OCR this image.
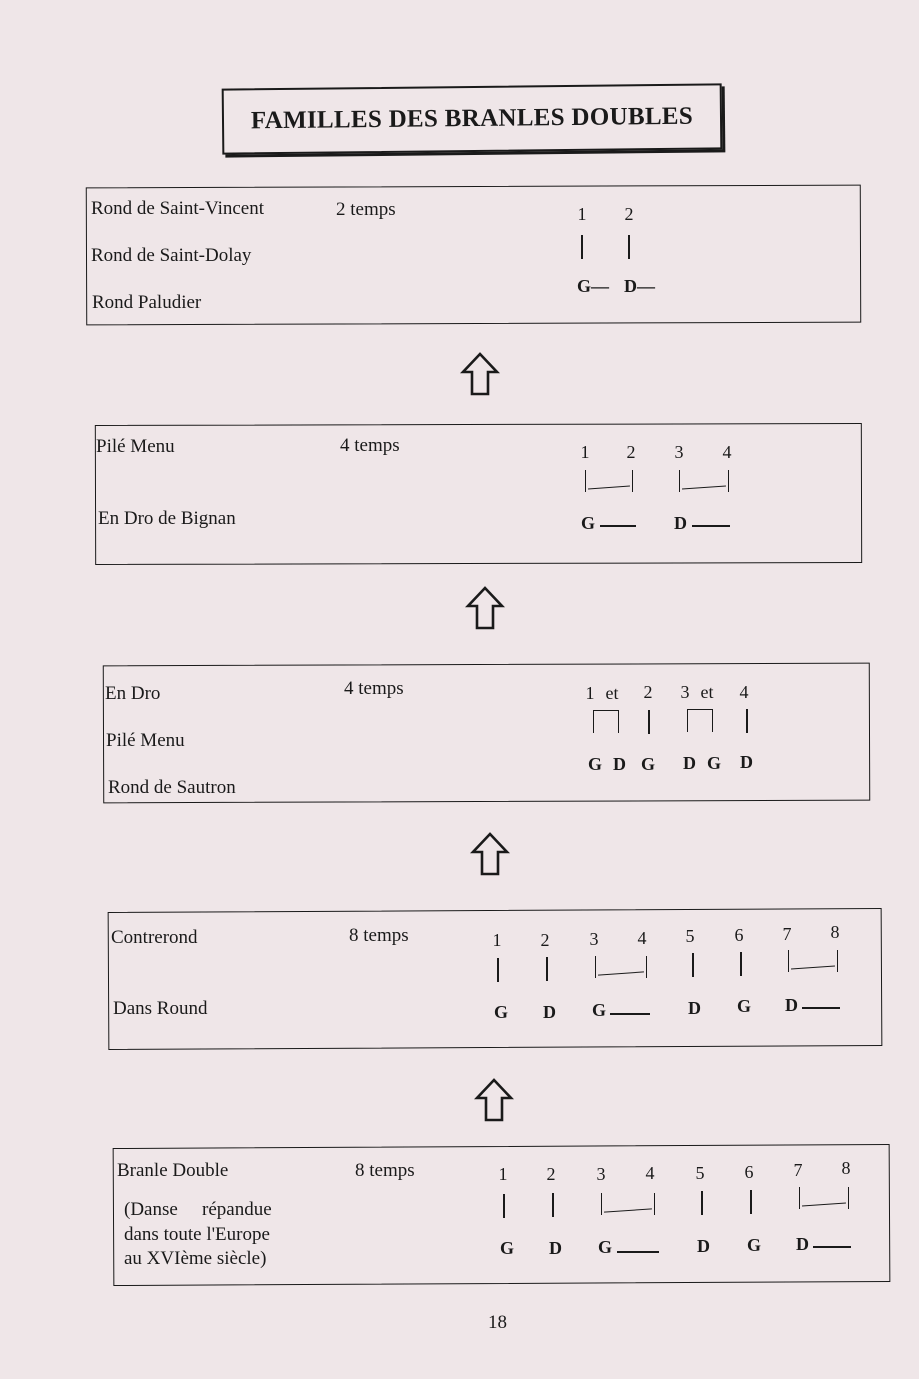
FAMILLES DES BRANLES DOUBLES
Rond de Saint-Vincent
Rond de Saint-Dolay
Rond Paludier
2 temps	1 2
G— D—
Pilé Menu
En Dro de Bignan
4 temps	1 2 3 4
G	D
En Dro
Pilé Menu
Rond de Sautron
4 temps	1 et 2 3 et 4
G D G D G D
Contrerond
Dans Round
8 temps	1 2 3 4 5 6 7 8
G D G	D G D
Branle Double
(Danse répandue
dans toute l'Europe
au XVIème siècle)
8 temps	1 2 3 4 5 6 7 8
G D G	D G D
18
